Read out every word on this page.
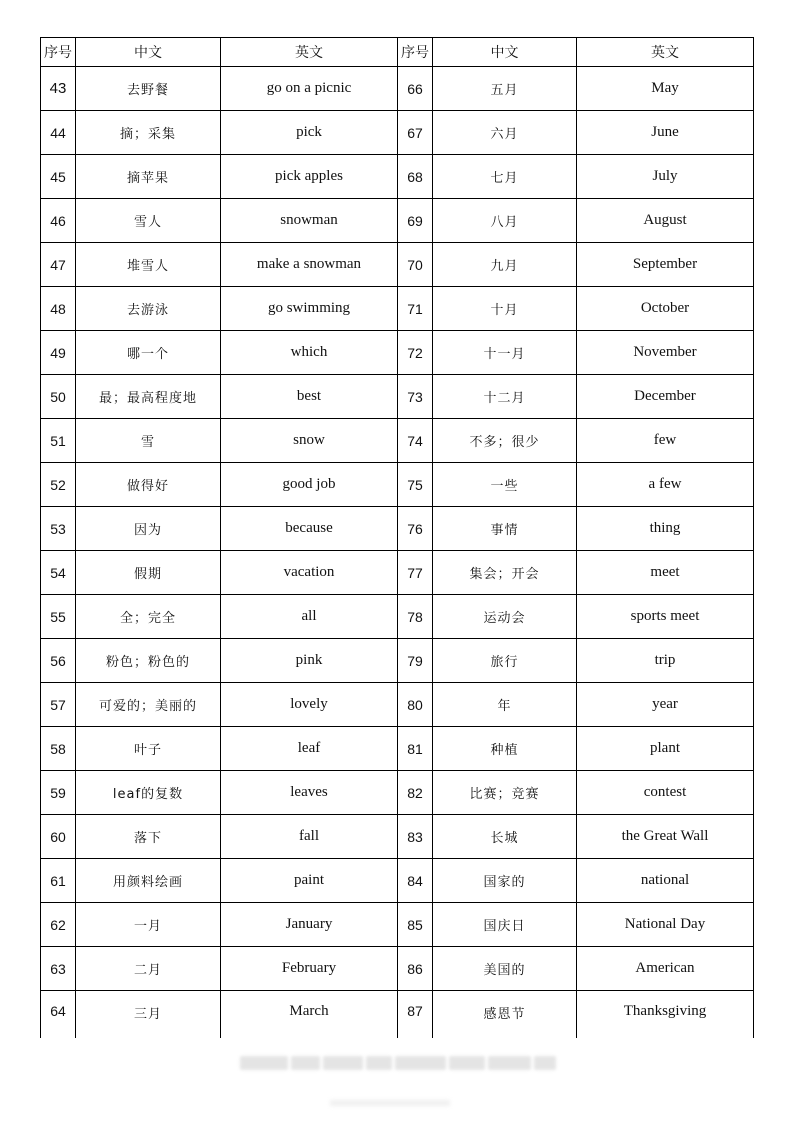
序号	中文	英文	序号	中文	英文
43	去野餐	go on a picnic	66	五月	May
44	摘；采集	pick	67	六月	June
45	摘苹果	pick apples	68	七月	July
46	雪人	snowman	69	八月	August
47	堆雪人	make a snowman	70	九月	September
48	去游泳	go swimming	71	十月	October
49	哪一个	which	72	十一月	November
50	最；最高程度地	best	73	十二月	December
51	雪	snow	74	不多；很少	few
52	做得好	good job	75	一些	a few
53	因为	because	76	事情	thing
54	假期	vacation	77	集会；开会	meet
55	全；完全	all	78	运动会	sports meet
56	粉色；粉色的	pink	79	旅行	trip
57	可爱的；美丽的	lovely	80	年	year
58	叶子	leaf	81	种植	plant
59	leaf的复数	leaves	82	比赛；竞赛	contest
60	落下	fall	83	长城	the Great Wall
61	用颜料绘画	paint	84	国家的	national
62	一月	January	85	国庆日	National Day
63	二月	February	86	美国的	American
64	三月	March	87	感恩节	Thanksgiving
